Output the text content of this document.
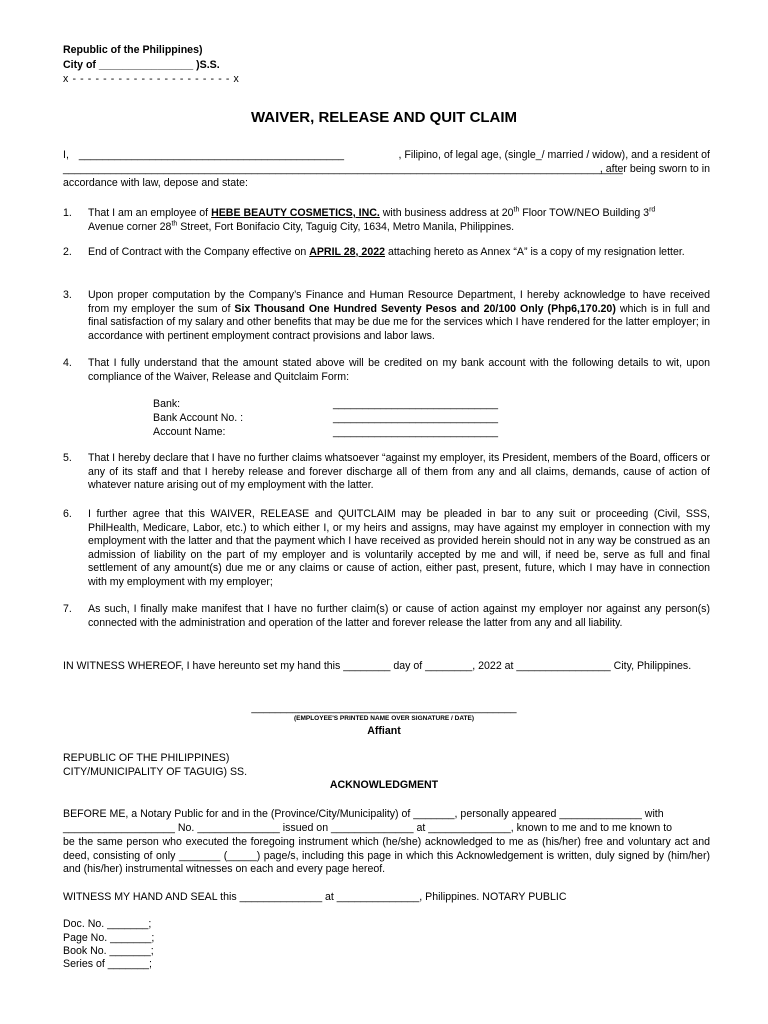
Republic of the Philippines)
City of ________________ )S.S.
x - - - - - - - - - - - - - - - - - - - - - x
WAIVER, RELEASE AND QUIT CLAIM
I, _____________________________________________	, Filipino, of legal age, (single_/ married / widow), and a resident of
_______________________________________________________________________________________________
, after being sworn to in
accordance with law, depose and state:
1. That I am an employee of HEBE BEAUTY COSMETICS, INC. with business address at 20th Floor TOW/NEO Building 3rd
Avenue corner 28th Street, Fort Bonifacio City, Taguig City, 1634, Metro Manila, Philippines.
2. End of Contract with the Company effective on APRIL 28, 2022 attaching hereto as Annex “A” is a copy of my resignation letter.
3. Upon proper computation by the Company’s Finance and Human Resource Department, I hereby acknowledge to have received from my employer the sum of Six Thousand One Hundred Seventy Pesos and 20/100 Only (Php6,170.20) which is in full and final satisfaction of my salary and other benefits that may be due me for the services which I have rendered for the latter employer; in accordance with pertinent employment contract provisions and labor laws.
4. That I fully understand that the amount stated above will be credited on my bank account with the following details to wit, upon compliance of the Waiver, Release and Quitclaim Form:
Bank:	____________________________
Bank Account No. :	____________________________
Account Name:	____________________________
5. That I hereby declare that I have no further claims whatsoever “against my employer, its President, members of the Board, officers or any of its staff and that I hereby release and forever discharge all of them from any and all claims, demands, cause of action of whatever nature arising out of my employment with the latter.
6. I further agree that this WAIVER, RELEASE and QUITCLAIM may be pleaded in bar to any suit or proceeding (Civil, SSS, PhilHealth, Medicare, Labor, etc.) to which either I, or my heirs and assigns, may have against my employer in connection with my employment with the latter and that the payment which I have received as provided herein should not in any way be construed as an admission of liability on the part of my employer and is voluntarily accepted by me and will, if need be, serve as full and final settlement of any amount(s) due me or any claims or cause of action, either past, present, future, which I may have in connection with my employment with my employer;
7. As such, I finally make manifest that I have no further claim(s) or cause of action against my employer nor against any person(s) connected with the administration and operation of the latter and forever release the latter from any and all liability.
IN WITNESS WHEREOF, I have hereunto set my hand this ________ day of ________, 2022 at ________________ City, Philippines.
_____________________________________________
(EMPLOYEE'S PRINTED NAME OVER SIGNATURE / DATE)
Affiant
REPUBLIC OF THE PHILIPPINES)
CITY/MUNICIPALITY OF TAGUIG) SS.
ACKNOWLEDGMENT
BEFORE ME, a Notary Public for and in the (Province/City/Municipality) of _______, personally appeared ______________ with
___________________ No. ______________ issued on ______________ at ______________, known to me and to me known to
be the same person who executed the foregoing instrument which (he/she) acknowledged to me as (his/her) free and voluntary act and deed, consisting of only _______ (_____) page/s, including this page in which this Acknowledgement is written, duly signed by (him/her) and (his/her) instrumental witnesses on each and every page hereof.
WITNESS MY HAND AND SEAL this ______________ at ______________, Philippines. NOTARY PUBLIC
Doc. No. _______;
Page No. _______;
Book No. _______;
Series of _______;
